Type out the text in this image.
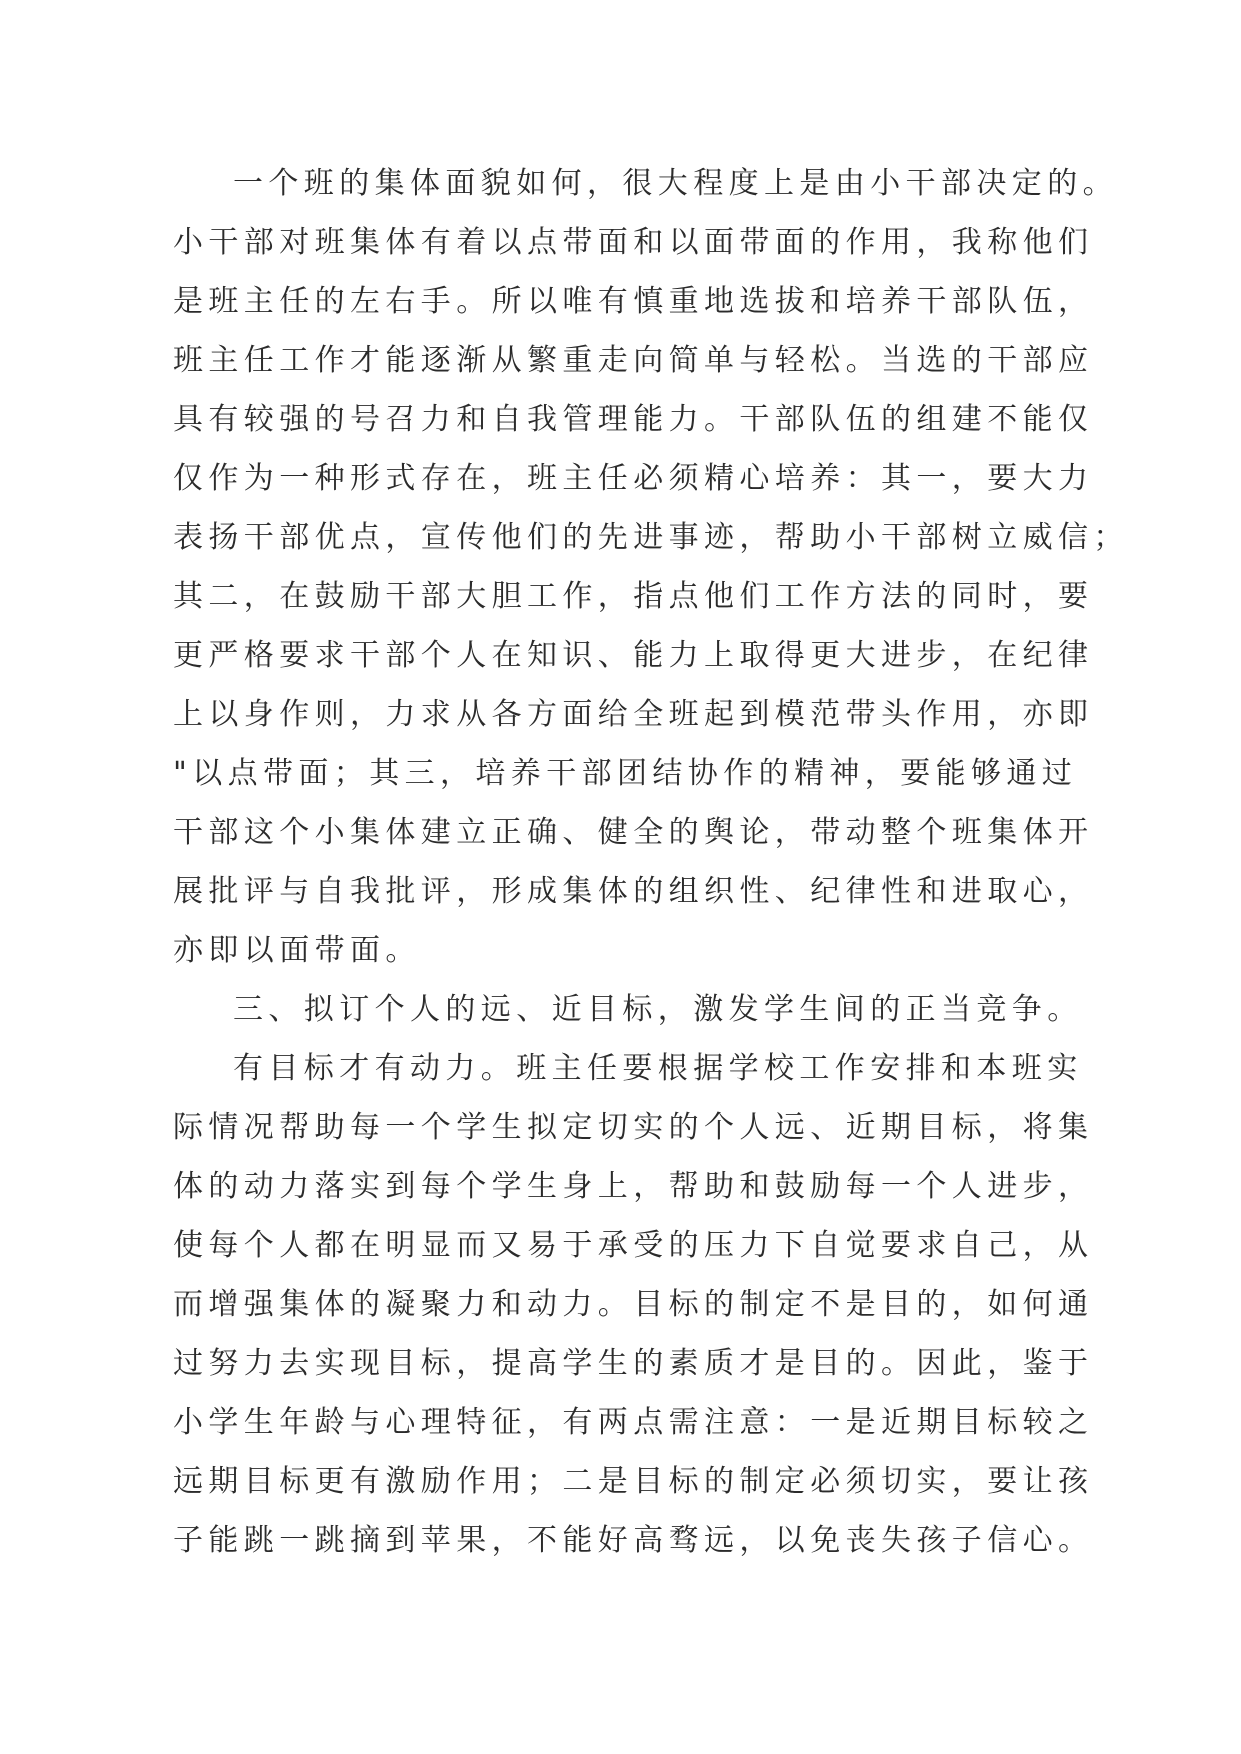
一个班的集体面貌如何，很大程度上是由小干部决定的。
小干部对班集体有着以点带面和以面带面的作用，我称他们
是班主任的左右手。所以唯有慎重地选拔和培养干部队伍，
班主任工作才能逐渐从繁重走向简单与轻松。当选的干部应
具有较强的号召力和自我管理能力。干部队伍的组建不能仅
仅作为一种形式存在，班主任必须精心培养：其一，要大力
表扬干部优点，宣传他们的先进事迹，帮助小干部树立威信；
其二，在鼓励干部大胆工作，指点他们工作方法的同时，要
更严格要求干部个人在知识、能力上取得更大进步，在纪律
上以身作则，力求从各方面给全班起到模范带头作用，亦即
"以点带面；其三，培养干部团结协作的精神，要能够通过
干部这个小集体建立正确、健全的舆论，带动整个班集体开
展批评与自我批评，形成集体的组织性、纪律性和进取心，
亦即以面带面。
三、拟订个人的远、近目标，激发学生间的正当竞争。
有目标才有动力。班主任要根据学校工作安排和本班实
际情况帮助每一个学生拟定切实的个人远、近期目标，将集
体的动力落实到每个学生身上，帮助和鼓励每一个人进步，
使每个人都在明显而又易于承受的压力下自觉要求自己，从
而增强集体的凝聚力和动力。目标的制定不是目的，如何通
过努力去实现目标，提高学生的素质才是目的。因此，鉴于
小学生年龄与心理特征，有两点需注意：一是近期目标较之
远期目标更有激励作用；二是目标的制定必须切实，要让孩
子能跳一跳摘到苹果，不能好高骛远，以免丧失孩子信心。
